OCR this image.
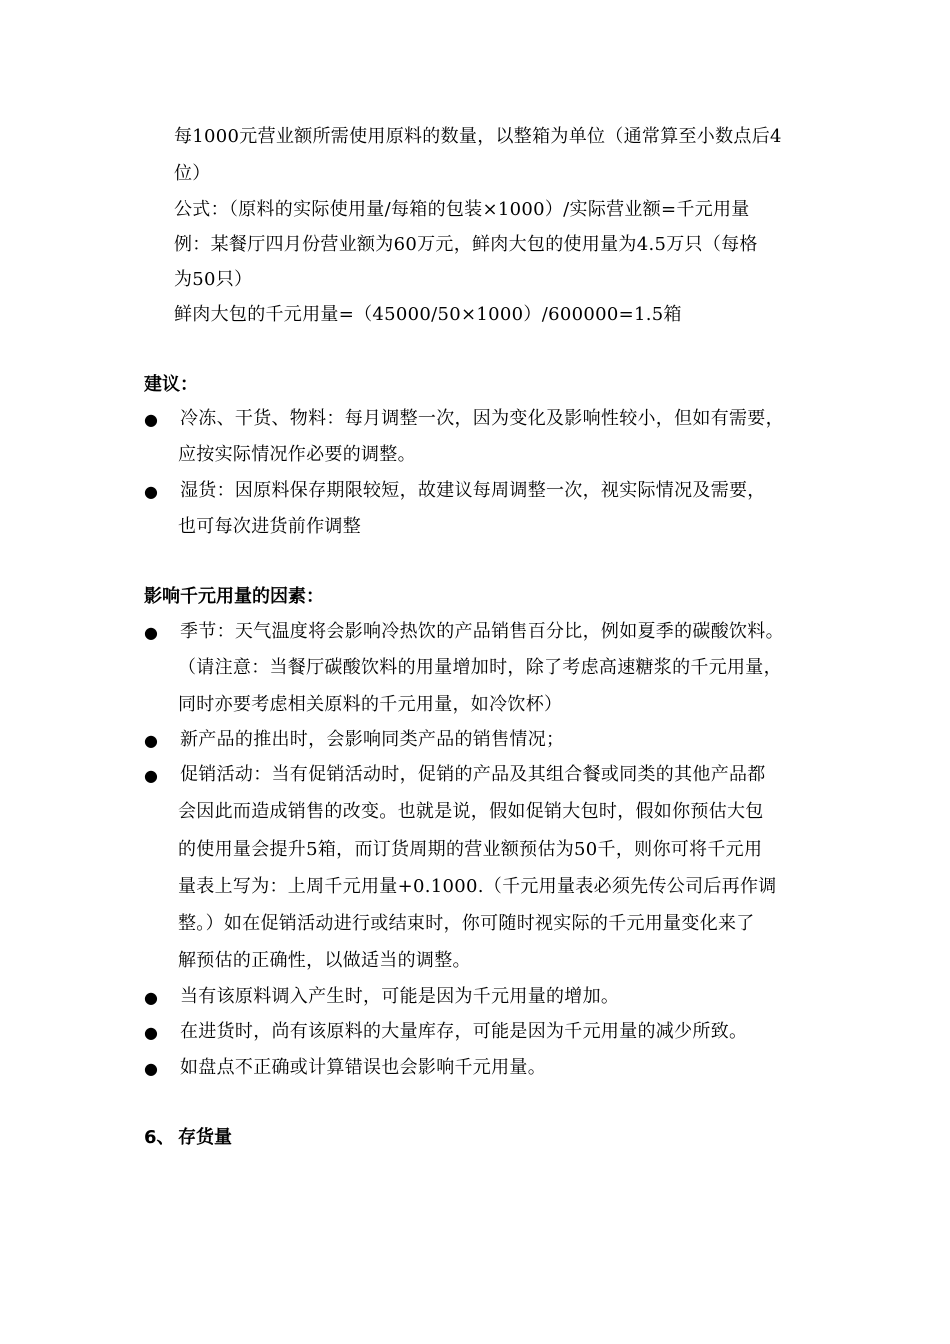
每1000元营业额所需使用原料的数量，以整箱为单位（通常算至小数点后4
位）
公式：（原料的实际使用量/每箱的包装×1000）/实际营业额=千元用量
例：某餐厅四月份营业额为60万元，鲜肉大包的使用量为4.5万只（每格
为50只）
鲜肉大包的千元用量=（45000/50×1000）/600000=1.5箱
建议：
● 冷冻、干货、物料：每月调整一次，因为变化及影响性较小，但如有需要，
应按实际情况作必要的调整。
● 湿货：因原料保存期限较短，故建议每周调整一次，视实际情况及需要，
也可每次进货前作调整
影响千元用量的因素：
● 季节：天气温度将会影响冷热饮的产品销售百分比，例如夏季的碳酸饮料。
（请注意：当餐厅碳酸饮料的用量增加时，除了考虑高速糖浆的千元用量，
同时亦要考虑相关原料的千元用量，如冷饮杯）
● 新产品的推出时，会影响同类产品的销售情况；
● 促销活动：当有促销活动时，促销的产品及其组合餐或同类的其他产品都
会因此而造成销售的改变。也就是说，假如促销大包时，假如你预估大包
的使用量会提升5箱，而订货周期的营业额预估为50千，则你可将千元用
量表上写为：上周千元用量+0.1000.（千元用量表必须先传公司后再作调
整。）如在促销活动进行或结束时，你可随时视实际的千元用量变化来了
解预估的正确性，以做适当的调整。
● 当有该原料调入产生时，可能是因为千元用量的增加。
● 在进货时，尚有该原料的大量库存，可能是因为千元用量的减少所致。
● 如盘点不正确或计算错误也会影响千元用量。
6、 存货量
